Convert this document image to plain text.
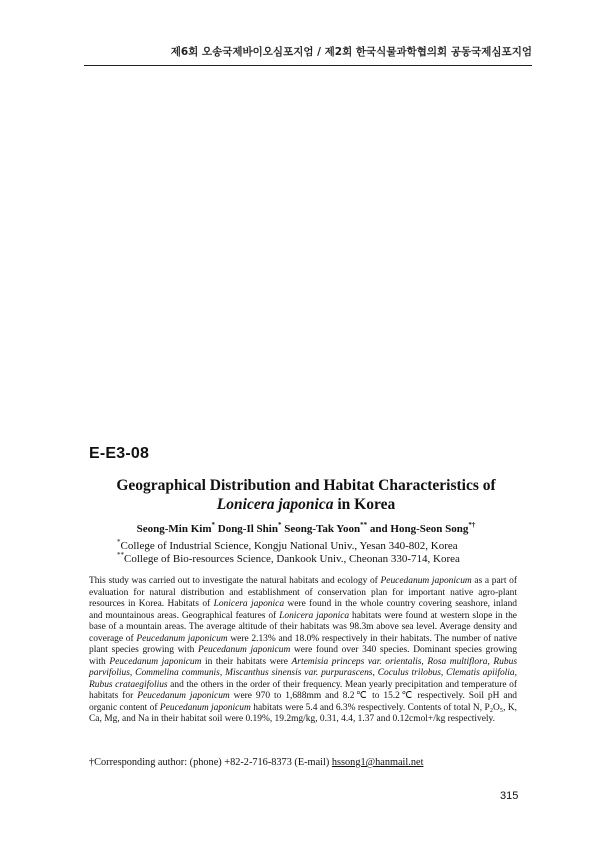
제6회 오송국제바이오심포지엄 / 제2회 한국식물과학협의회 공동국제심포지엄
E-E3-08
Geographical Distribution and Habitat Characteristics of Lonicera japonica in Korea
Seong-Min Kim* Dong-Il Shin* Seong-Tak Yoon** and Hong-Seon Song*†
*College of Industrial Science, Kongju National Univ., Yesan 340-802, Korea
**College of Bio-resources Science, Dankook Univ., Cheonan 330-714, Korea

This study was carried out to investigate the natural habitats and ecology of Peucedanum japonicum as a part of evaluation for natural distribution and establishment of conservation plan for important native agro-plant resources in Korea. Habitats of Lonicera japonica were found in the whole country covering seashore, inland and mountainous areas. Geographical features of Lonicera japonica habitats were found at western slope in the base of a mountain areas. The average altitude of their habitats was 98.3m above sea level. Average density and coverage of Peucedanum japonicum were 2.13% and 18.0% respectively in their habitats. The number of native plant species growing with Peucedanum japonicum were found over 340 species. Dominant species growing with Peucedanum japonicum in their habitats were Artemisia princeps var. orientalis, Rosa multiflora, Rubus parvifolius, Commelina communis, Miscanthus sinensis var. purpurascens, Coculus trilobus, Clematis apiifolia, Rubus crataegifolius and the others in the order of their frequency. Mean yearly precipitation and temperature of habitats for Peucedanum japonicum were 970 to 1,688mm and 8.2℃ to 15.2℃ respectively. Soil pH and organic content of Peucedanum japonicum habitats were 5.4 and 6.3% respectively. Contents of total N, P₂O₅, K, Ca, Mg, and Na in their habitat soil were 0.19%, 19.2mg/kg, 0.31, 4.4, 1.37 and 0.12cmol+/kg respectively.

†Corresponding author: (phone) +82-2-716-8373 (E-mail) hssong1@hanmail.net
315
